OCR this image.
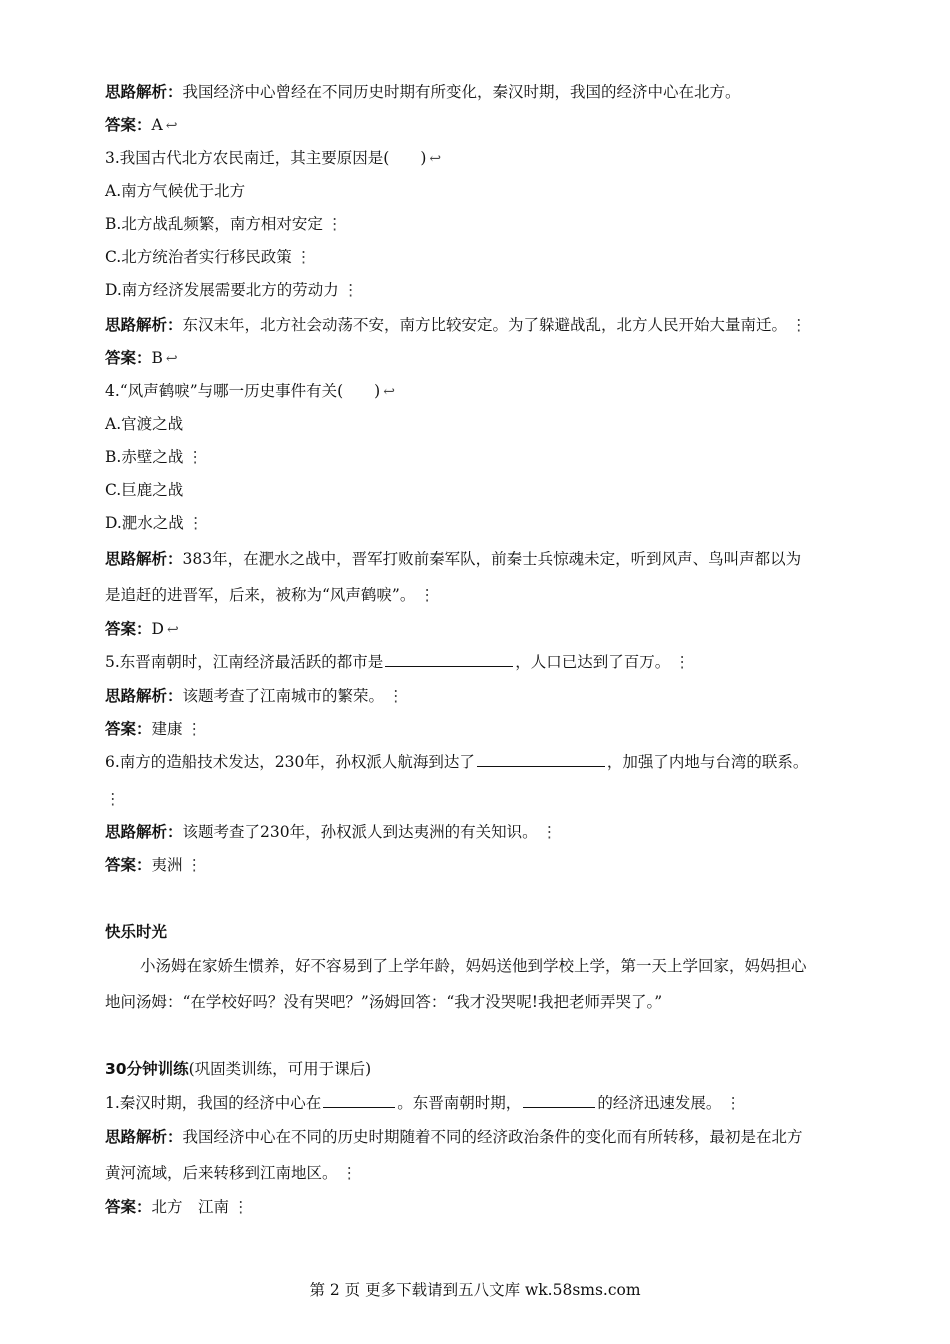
思路解析：我国经济中心曾经在不同历史时期有所变化，秦汉时期，我国的经济中心在北方。
答案：A ↩
3.我国古代北方农民南迁，其主要原因是(　　) ↩
A.南方气候优于北方
B.北方战乱频繁，南方相对安定 ⋮
C.北方统治者实行移民政策 ⋮
D.南方经济发展需要北方的劳动力 ⋮
思路解析：东汉末年，北方社会动荡不安，南方比较安定。为了躲避战乱，北方人民开始大量南迁。 ⋮
答案：B ↩
4.“风声鹤唳”与哪一历史事件有关(　　) ↩
A.官渡之战
B.赤壁之战 ⋮
C.巨鹿之战
D.淝水之战 ⋮
思路解析：383年，在淝水之战中，晋军打败前秦军队，前秦士兵惊魂未定，听到风声、鸟叫声都以为
是追赶的进晋军，后来，被称为“风声鹤唳”。 ⋮
答案：D ↩
5.东晋南朝时，江南经济最活跃的都市是	，人口已达到了百万。 ⋮
思路解析：该题考查了江南城市的繁荣。 ⋮
答案：建康 ⋮
6.南方的造船技术发达，230年，孙权派人航海到达了	，加强了内地与台湾的联系。
⋮
思路解析：该题考查了230年，孙权派人到达夷洲的有关知识。 ⋮
答案：夷洲 ⋮
快乐时光
小汤姆在家娇生惯养，好不容易到了上学年龄，妈妈送他到学校上学，第一天上学回家，妈妈担心
地问汤姆：“在学校好吗？没有哭吧？”汤姆回答：“我才没哭呢!我把老师弄哭了。”
30分钟训练(巩固类训练，可用于课后)
1.秦汉时期，我国的经济中心在	。东晋南朝时期，	的经济迅速发展。 ⋮
思路解析：我国经济中心在不同的历史时期随着不同的经济政治条件的变化而有所转移，最初是在北方
黄河流域，后来转移到江南地区。 ⋮
答案：北方　江南 ⋮
第 2 页 更多下载请到五八文库 wk.58sms.com
